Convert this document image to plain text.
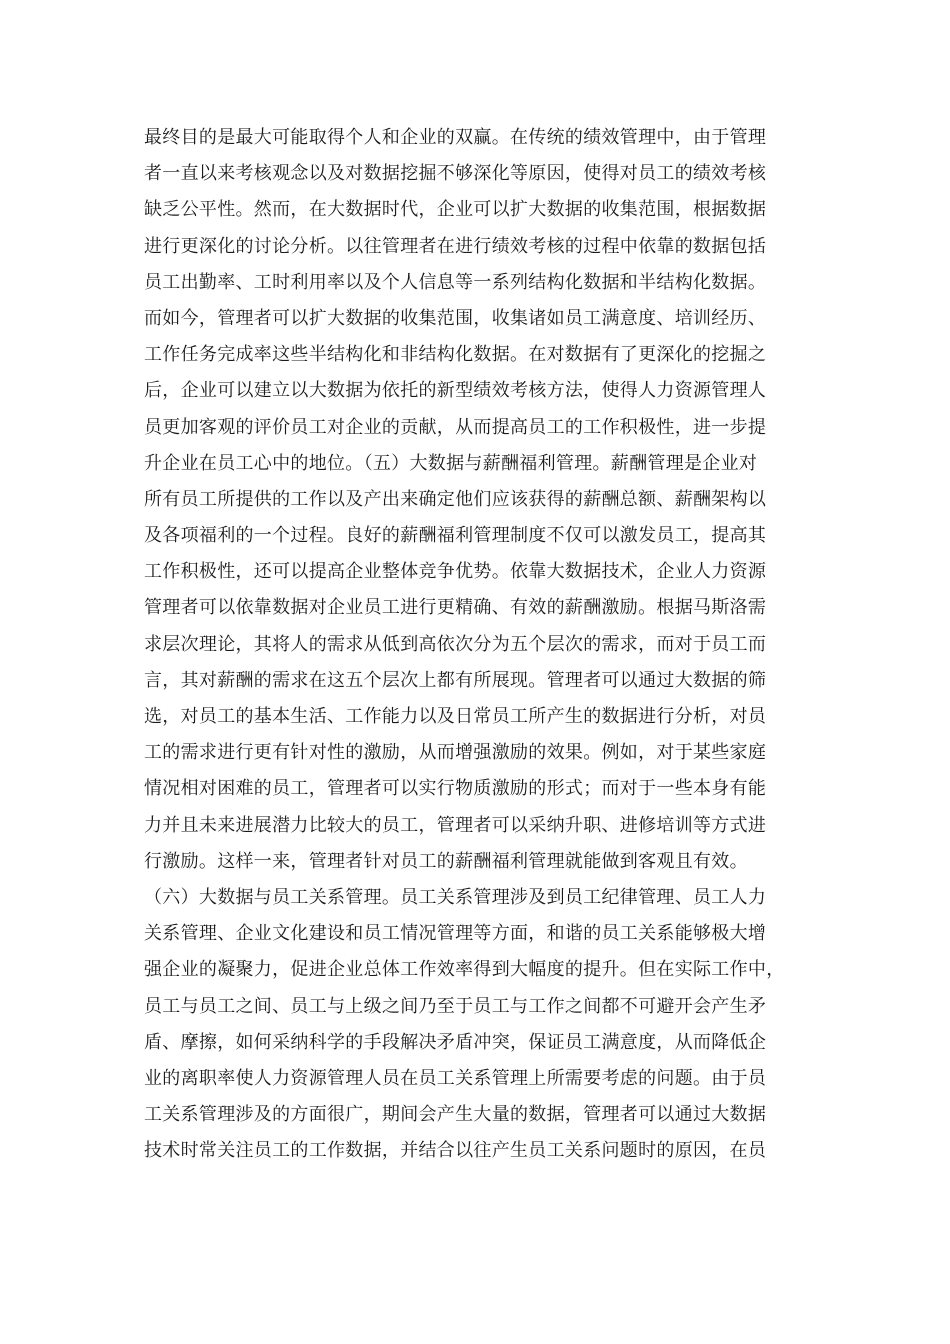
最终目的是最大可能取得个人和企业的双赢。在传统的绩效管理中，由于管理
者一直以来考核观念以及对数据挖掘不够深化等原因，使得对员工的绩效考核
缺乏公平性。然而，在大数据时代，企业可以扩大数据的收集范围，根据数据
进行更深化的讨论分析。以往管理者在进行绩效考核的过程中依靠的数据包括
员工出勤率、工时利用率以及个人信息等一系列结构化数据和半结构化数据。
而如今，管理者可以扩大数据的收集范围，收集诸如员工满意度、培训经历、
工作任务完成率这些半结构化和非结构化数据。在对数据有了更深化的挖掘之
后，企业可以建立以大数据为依托的新型绩效考核方法，使得人力资源管理人
员更加客观的评价员工对企业的贡献，从而提高员工的工作积极性，进一步提
升企业在员工心中的地位。（五）大数据与薪酬福利管理。薪酬管理是企业对
所有员工所提供的工作以及产出来确定他们应该获得的薪酬总额、薪酬架构以
及各项福利的一个过程。良好的薪酬福利管理制度不仅可以激发员工，提高其
工作积极性，还可以提高企业整体竞争优势。依靠大数据技术，企业人力资源
管理者可以依靠数据对企业员工进行更精确、有效的薪酬激励。根据马斯洛需
求层次理论，其将人的需求从低到高依次分为五个层次的需求，而对于员工而
言，其对薪酬的需求在这五个层次上都有所展现。管理者可以通过大数据的筛
选，对员工的基本生活、工作能力以及日常员工所产生的数据进行分析，对员
工的需求进行更有针对性的激励，从而增强激励的效果。例如，对于某些家庭
情况相对困难的员工，管理者可以实行物质激励的形式；而对于一些本身有能
力并且未来进展潜力比较大的员工，管理者可以采纳升职、进修培训等方式进
行激励。这样一来，管理者针对员工的薪酬福利管理就能做到客观且有效。
（六）大数据与员工关系管理。员工关系管理涉及到员工纪律管理、员工人力
关系管理、企业文化建设和员工情况管理等方面，和谐的员工关系能够极大增
强企业的凝聚力，促进企业总体工作效率得到大幅度的提升。但在实际工作中，
员工与员工之间、员工与上级之间乃至于员工与工作之间都不可避开会产生矛
盾、摩擦，如何采纳科学的手段解决矛盾冲突，保证员工满意度，从而降低企
业的离职率使人力资源管理人员在员工关系管理上所需要考虑的问题。由于员
工关系管理涉及的方面很广，期间会产生大量的数据，管理者可以通过大数据
技术时常关注员工的工作数据，并结合以往产生员工关系问题时的原因，在员
